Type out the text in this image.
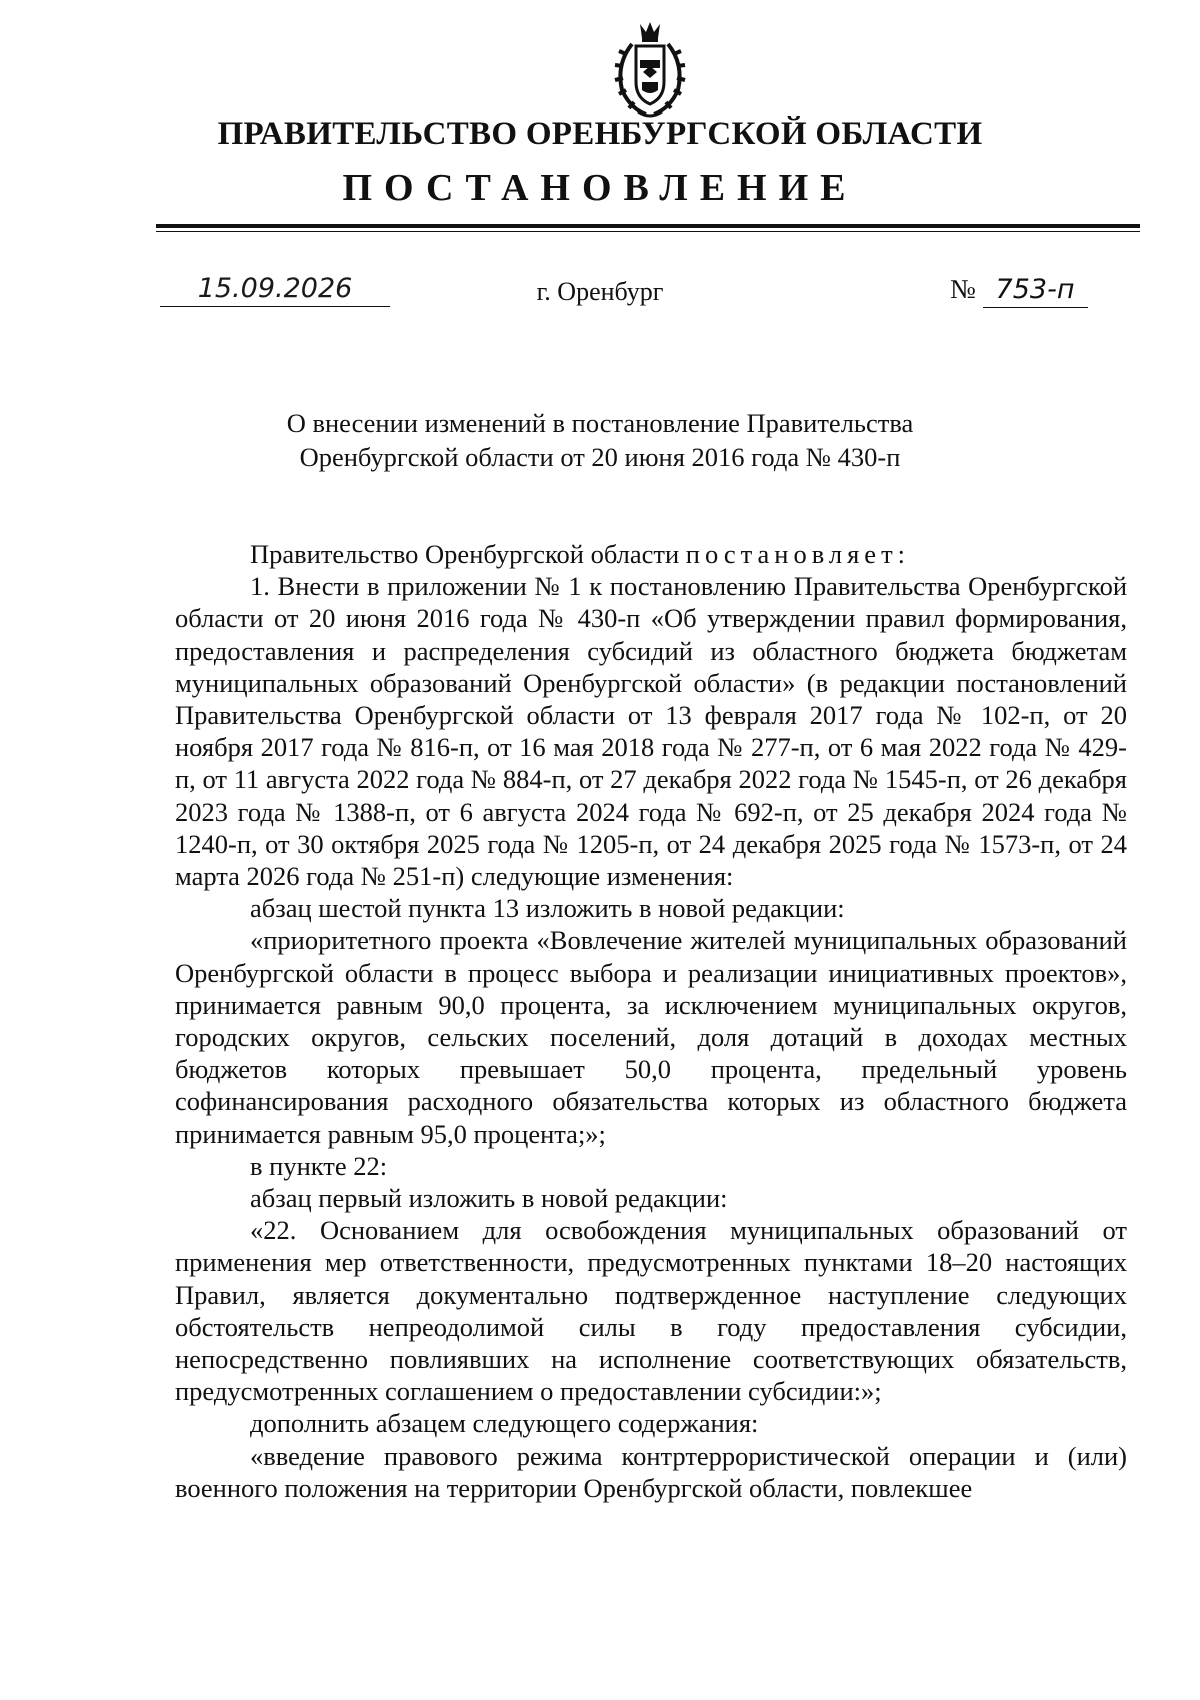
ПРАВИТЕЛЬСТВО ОРЕНБУРГСКОЙ ОБЛАСТИ
ПОСТАНОВЛЕНИЕ
15.09.2026	г. Оренбург	№ 753-п
О внесении изменений в постановление Правительства
Оренбургской области от 20 июня 2016 года № 430-п

Правительство Оренбургской области постановляет:

1. Внести в приложении № 1 к постановлению Правительства Оренбургской области от 20 июня 2016 года № 430-п «Об утверждении правил формирования, предоставления и распределения субсидий из областного бюджета бюджетам муниципальных образований Оренбургской области» (в редакции постановлений Правительства Оренбургской области от 13 февраля 2017 года № 102-п, от 20 ноября 2017 года № 816-п, от 16 мая 2018 года № 277-п, от 6 мая 2022 года № 429-п, от 11 августа 2022 года № 884-п, от 27 декабря 2022 года № 1545-п, от 26 декабря 2023 года № 1388-п, от 6 августа 2024 года № 692-п, от 25 декабря 2024 года № 1240-п, от 30 октября 2025 года № 1205-п, от 24 декабря 2025 года № 1573-п, от 24 марта 2026 года № 251-п) следующие изменения:

абзац шестой пункта 13 изложить в новой редакции:

«приоритетного проекта «Вовлечение жителей муниципальных образований Оренбургской области в процесс выбора и реализации инициативных проектов», принимается равным 90,0 процента, за исключением муниципальных округов, городских округов, сельских поселений, доля дотаций в доходах местных бюджетов которых превышает 50,0 процента, предельный уровень софинансирования расходного обязательства которых из областного бюджета принимается равным 95,0 процента;»;

в пункте 22:

абзац первый изложить в новой редакции:

«22. Основанием для освобождения муниципальных образований от применения мер ответственности, предусмотренных пунктами 18–20 настоящих Правил, является документально подтвержденное наступление следующих обстоятельств непреодолимой силы в году предоставления субсидии, непосредственно повлиявших на исполнение соответствующих обязательств, предусмотренных соглашением о предоставлении субсидии:»;

дополнить абзацем следующего содержания:

«введение правового режима контртеррористической операции и (или) военного положения на территории Оренбургской области, повлекшее
